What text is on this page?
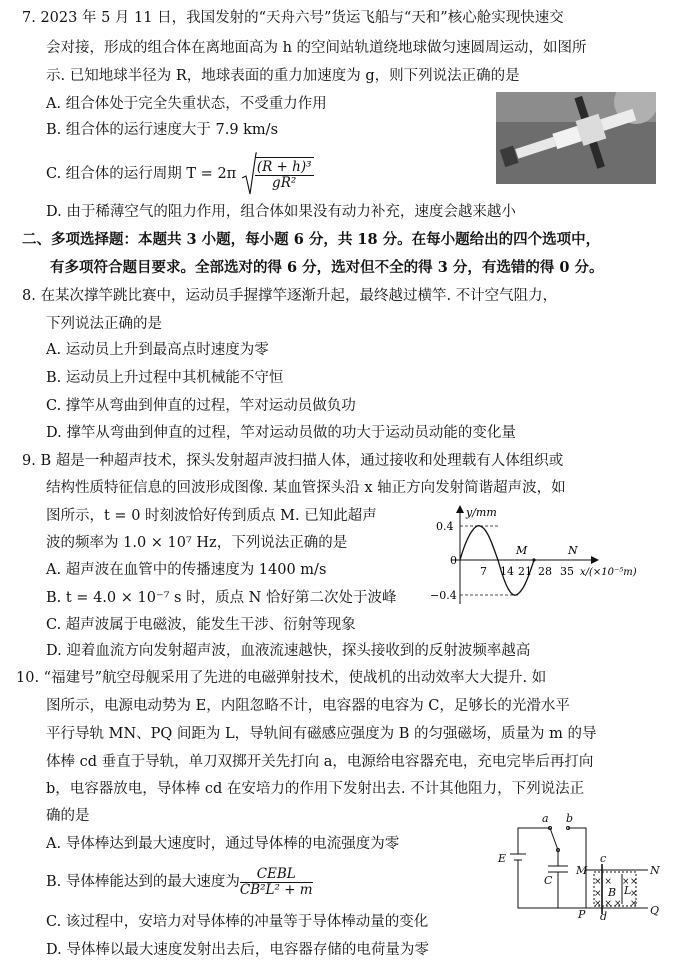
7. 2023 年 5 月 11 日，我国发射的“天舟六号”货运飞船与“天和”核心舱实现快速交
会对接，形成的组合体在离地面高为 h 的空间站轨道绕地球做匀速圆周运动，如图所
示. 已知地球半径为 R，地球表面的重力加速度为 g，则下列说法正确的是
A. 组合体处于完全失重状态，不受重力作用
B. 组合体的运行速度大于 7.9 km/s
C. 组合体的运行周期 $T = 2\pi \frac{\text{(R + h)³}}{\text{gR²}}$
D. 由于稀薄空气的阻力作用，组合体如果没有动力补充，速度会越来越小
二、多项选择题：本题共 3 小题，每小题 6 分，共 18 分。在每小题给出的四个选项中，
有多项符合题目要求。全部选对的得 6 分，选对但不全的得 3 分，有选错的得 0 分。
8. 在某次撑竿跳比赛中，运动员手握撑竿逐渐升起，最终越过横竿. 不计空气阻力，
下列说法正确的是
A. 运动员上升到最高点时速度为零
B. 运动员上升过程中其机械能不守恒
C. 撑竿从弯曲到伸直的过程，竿对运动员做负功
D. 撑竿从弯曲到伸直的过程，竿对运动员做的功大于运动员动能的变化量
9. B 超是一种超声技术，探头发射超声波扫描人体，通过接收和处理载有人体组织或
结构性质特征信息的回波形成图像. 某血管探头沿 x 轴正方向发射简谐超声波，如
图所示，t = 0 时刻波恰好传到质点 M. 已知此超声
波的频率为 1.0 × 10⁷ Hz，下列说法正确的是
A. 超声波在血管中的传播速度为 1400 m/s
B. t = 4.0 × 10⁻⁷ s 时，质点 N 恰好第二次处于波峰
C. 超声波属于电磁波，能发生干涉、衍射等现象
D. 迎着血流方向发射超声波，血液流速越快，探头接收到的反射波频率越高
y/mm
0.4
−0.4
0
7 14 21 28 35
M	N
x/(×10⁻⁵m)
10. “福建号”航空母舰采用了先进的电磁弹射技术，使战机的出动效率大大提升. 如
图所示，电源电动势为 E，内阻忽略不计，电容器的电容为 C，足够长的光滑水平
平行导轨 MN、PQ 间距为 L，导轨间有磁感应强度为 B 的匀强磁场，质量为 m 的导
体棒 cd 垂直于导轨，单刀双掷开关先打向 a，电源给电容器充电，充电完毕后再打向
b，电容器放电，导体棒 cd 在安培力的作用下发射出去. 不计其他阻力，下列说法正
确的是
A. 导体棒达到最大速度时，通过导体棒的电流强度为零
B. 导体棒能达到的最大速度为 $\frac{\text{CEBL}}{\text{CB²L² + m}}$
C. 该过程中，安培力对导体棒的冲量等于导体棒动量的变化
D. 导体棒以最大速度发射出去后，电容器存储的电荷量为零
× × × ×
×	×
× × × ×
a b
E
C
M
c
N
B L
P d	Q
